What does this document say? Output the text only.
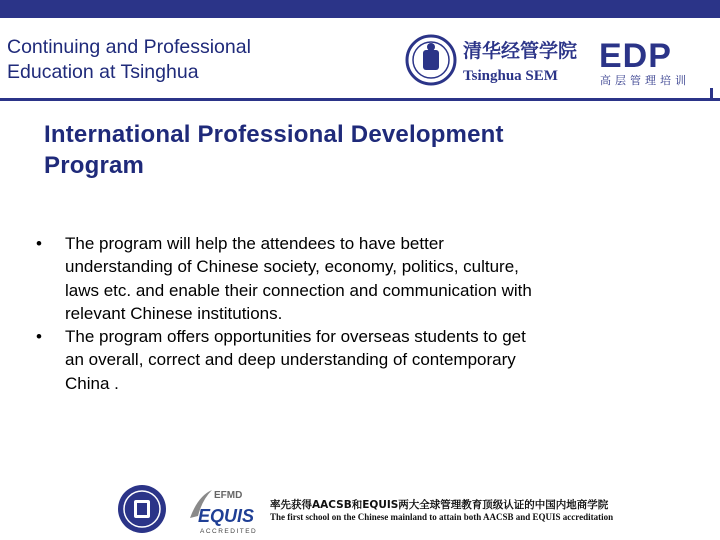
Continuing and Professional
Education at Tsinghua
清华经管学院
Tsinghua SEM
EDP
高层管理培训
International Professional Development
Program
• The program will help the attendees to have better
understanding of Chinese society, economy, politics, culture,
laws etc. and enable their connection and communication with
relevant Chinese institutions.
• The program offers opportunities for overseas students to get
an overall, correct and deep understanding of contemporary
China .
EFMD
EQUIS
ACCREDITED
率先获得AACSB和EQUIS两大全球管理教育顶级认证的中国内地商学院
The first school on the Chinese mainland to attain both AACSB and EQUIS accreditation
